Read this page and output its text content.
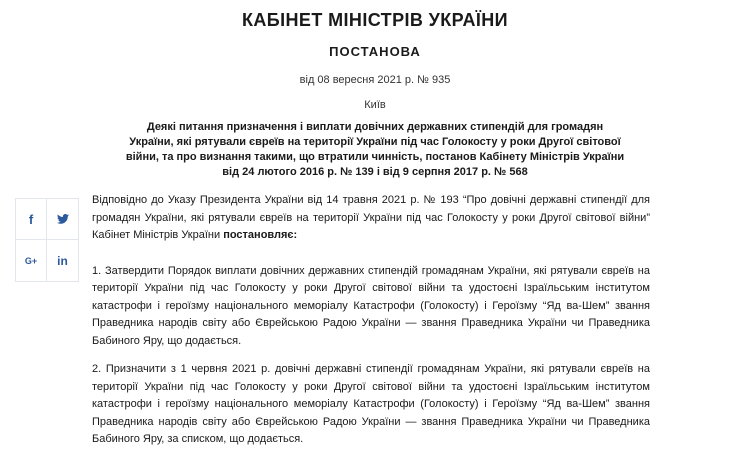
КАБІНЕТ МІНІСТРІВ УКРАЇНИ
ПОСТАНОВА
від 08 вересня 2021 р. № 935
Київ
Деякі питання призначення і виплати довічних державних стипендій для громадян України, які рятували євреїв на території України під час Голокосту у роки Другої світової війни, та про визнання такими, що втратили чинність, постанов Кабінету Міністрів України від 24 лютого 2016 р. № 139 і від 9 серпня 2017 р. № 568
f
G+	in

Відповідно до Указу Президента України від 14 травня 2021 р. № 193 “Про довічні державні стипендії для громадян України, які рятували євреїв на території України під час Голокосту у роки Другої світової війни” Кабінет Міністрів України постановляє:

1. Затвердити Порядок виплати довічних державних стипендій громадянам України, які рятували євреїв на території України під час Голокосту у роки Другої світової війни та удостоєні Ізраїльським інститутом катастрофи і героїзму національного меморіалу Катастрофи (Голокосту) і Героїзму “Яд ва-Шем” звання Праведника народів світу або Єврейською Радою України — звання Праведника України чи Праведника Бабиного Яру, що додається.

2. Призначити з 1 червня 2021 р. довічні державні стипендії громадянам України, які рятували євреїв на території України під час Голокосту у роки Другої світової війни та удостоєні Ізраїльським інститутом катастрофи і героїзму національного меморіалу Катастрофи (Голокосту) і Героїзму “Яд ва-Шем” звання Праведника народів світу або Єврейською Радою України — звання Праведника України чи Праведника Бабиного Яру, за списком, що додається.
